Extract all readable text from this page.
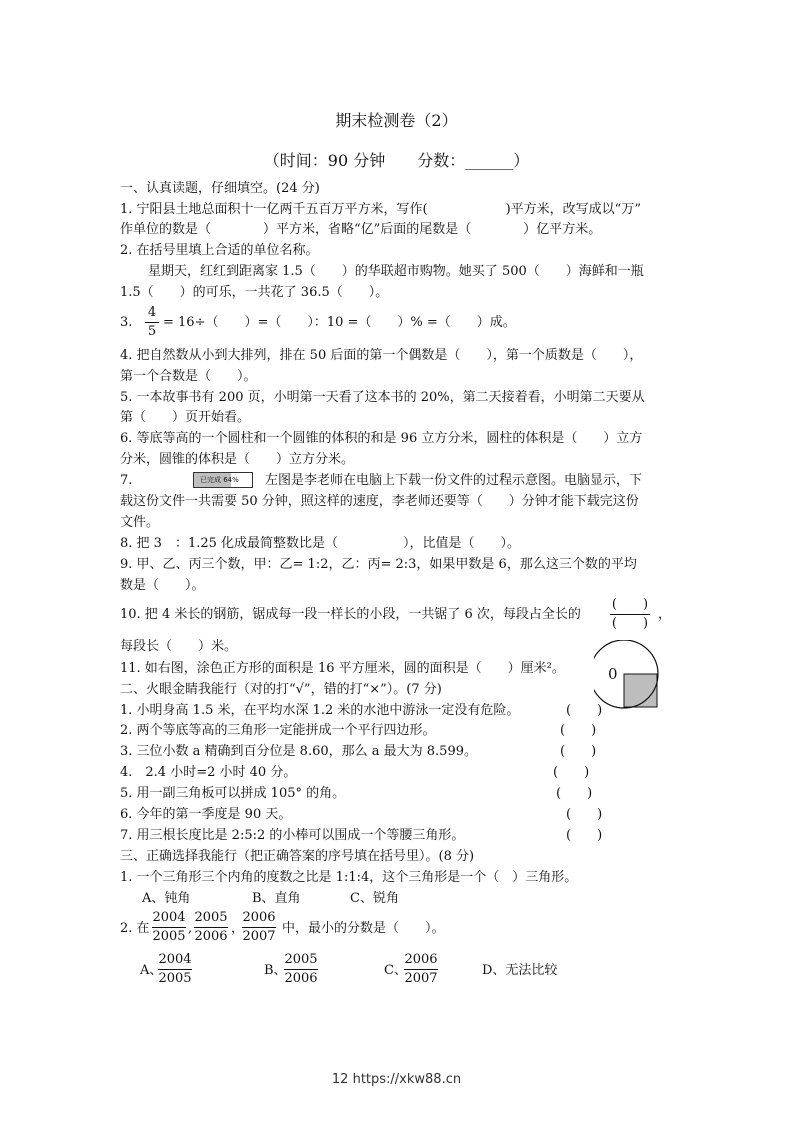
期末检测卷（2）
（时间：90 分钟　　分数：______）
一、认真读题，仔细填空。(24 分)
1. 宁阳县土地总面积十一亿两千五百万平方米，写作(　　　　　　)平方米，改写成以“万”
作单位的数是（　　　　）平方米，省略“亿”后面的尾数是（　　　　）亿平方米。
2. 在括号里填上合适的单位名称。
星期天，红红到距离家 1.5（　　）的华联超市购物。她买了 500（　　）海鲜和一瓶
1.5（　　）的可乐，一共花了 36.5（　　）。
3.
4
5
= 16÷（　　）=（　　）：10 =（　　）% =（　　）成。
4. 把自然数从小到大排列，排在 50 后面的第一个偶数是（　　），第一个质数是（　　），
第一个合数是（　　）。
5. 一本故事书有 200 页，小明第一天看了这本书的 20%，第二天接着看，小明第二天要从
第（　　）页开始看。
6. 等底等高的一个圆柱和一个圆锥的体积的和是 96 立方分米，圆柱的体积是（　　）立方
分米，圆锥的体积是（　　）立方分米。
7.	已完成 64% 左图是李老师在电脑上下载一份文件的过程示意图。电脑显示，下
载这份文件一共需要 50 分钟，照这样的速度，李老师还要等（　　）分钟才能下载完这份
文件。
8. 把 3　：1.25 化成最简整数比是（　　　　　），比值是（　　）。
9. 甲、乙、丙三个数，甲：乙= 1:2，乙：丙= 2:3，如果甲数是 6，那么这三个数的平均
数是（　　）。
10. 把 4 米长的钢筋，锯成每一段一样长的小段，一共锯了 6 次，每段占全长的
(　　)
(　　)
，
每段长（　　）米。
11. 如右图，涂色正方形的面积是 16 平方厘米，圆的面积是（　　）厘米²。	0
二、火眼金睛我能行（对的打“√”，错的打“×”）。(7 分)
1. 小明身高 1.5 米，在平均水深 1.2 米的水池中游泳一定没有危险。	(　　)
2. 两个等底等高的三角形一定能拼成一个平行四边形。	(　　)
3. 三位小数 a 精确到百分位是 8.60，那么 a 最大为 8.599。	(　　)
4.　2.4 小时=2 小时 40 分。	(　　)
5. 用一副三角板可以拼成 105° 的角。	(　　)
6. 今年的第一季度是 90 天。	(　　)
7. 用三根长度比是 2:5:2 的小棒可以围成一个等腰三角形。	(　　)
三、正确选择我能行（把正确答案的序号填在括号里）。(8 分)
1. 一个三角形三个内角的度数之比是 1:1:4，这个三角形是一个（　）三角形。
A、钝角	B、直角	C、锐角
2. 在
2004
2005
,
2005
2006
，
2006
2007
中，最小的分数是（　　）。
A、
2004
2005
B、
2005
2006
C、
2006
2007
D、无法比较
12 https://xkw88.cn
